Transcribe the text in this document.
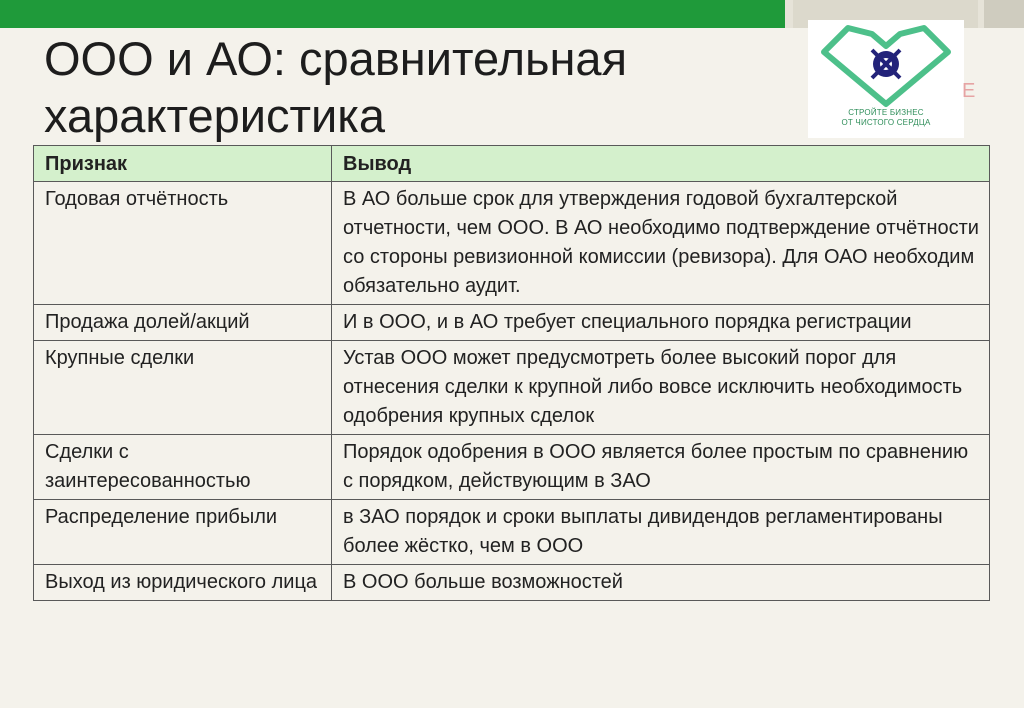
ООО и АО: сравнительная
характеристика	СТРОЙТЕ БИЗНЕС
ОТ ЧИСТОГО СЕРДЦА
E
Признак	Вывод
Годовая отчётность	В АО больше срок для утверждения годовой бухгалтерской отчетности, чем ООО. В АО необходимо подтверждение отчётности со стороны ревизионной комиссии (ревизора). Для ОАО необходим обязательно аудит.
Продажа долей/акций	И в ООО, и в АО требует специального порядка регистрации
Крупные сделки	Устав ООО может предусмотреть более высокий порог для отнесения сделки к крупной либо вовсе исключить необходимость одобрения крупных сделок
Сделки с заинтересованностью	Порядок одобрения в ООО является более простым по сравнению с порядком, действующим в ЗАО
Распределение прибыли	в ЗАО порядок и сроки выплаты дивидендов регламентированы более жёстко, чем в ООО
Выход из юридического лица	В ООО больше возможностей
